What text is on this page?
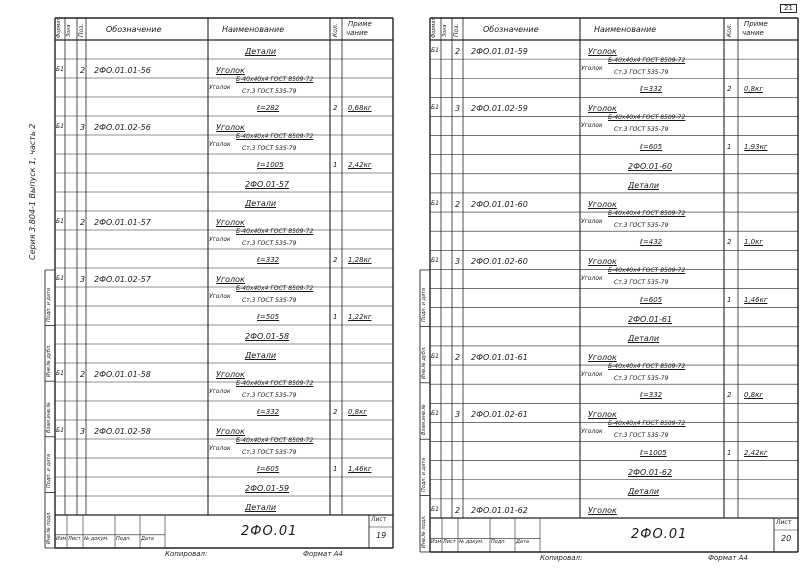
Подп. и дата
Инв.№ дубл.
Взам.инв.№
Подп. и дата
Инв.№ подл.
Формат Зона Поз.	Обозначение	Наименование	Кол. Приме
чание
Детали
Б1 2 2ФО.01.01-56	Уголок
Уголок
Б-40х40х4 ГОСТ 8509-72
Ст.3 ГОСТ 535-79
ℓ=282	2 0,68кг
Б1 3 2ФО.01.02-56	Уголок
Уголок
Б-40х40х4 ГОСТ 8509-72
Ст.3 ГОСТ 535-79
ℓ=1005	1 2,42кг
2ФО.01-57
Детали
Б1 2 2ФО.01.01-57	Уголок
Уголок
Б-40х40х4 ГОСТ 8509-72
Ст.3 ГОСТ 535-79
ℓ=332	2 1,28кг
Б1 3 2ФО.01.02-57	Уголок
Уголок
Б-40х40х4 ГОСТ 8509-72
Ст.3 ГОСТ 535-79
ℓ=505	1 1,22кг
2ФО.01-58
Детали
Б1 2 2ФО.01.01-58	Уголок
Уголок
Б-40х40х4 ГОСТ 8509-72
Ст.3 ГОСТ 535-79
ℓ=332	2 0,8кг
Б1 3 2ФО.01.02-58	Уголок
Уголок
Б-40х40х4 ГОСТ 8509-72
Ст.3 ГОСТ 535-79
ℓ=605	1 1,46кг
2ФО.01-59
Детали
2ФО.01
Лист
19
Изм Лист № докум. Подп. Дата
Копировал:	Формат А4
Серия 3.804-1 Выпуск 1, часть 2
Подп. и дата
Инв.№ дубл.
Взам.инв.№
Подп. и дата
Инв.№ подл.
Формат Зона Поз.	Обозначение	Наименование	Кол. Приме
чание
21
Б1 2 2ФО.01.01-59	Уголок
Уголок
Б-40х40х4 ГОСТ 8509-72
Ст.3 ГОСТ 535-79
ℓ=332	2 0,8кг
Б1 3 2ФО.01.02-59	Уголок
Уголок
Б-40х40х4 ГОСТ 8509-72
Ст.3 ГОСТ 535-79
ℓ=605	1 1,93кг
2ФО.01-60
Детали
Б1 2 2ФО.01.01-60	Уголок
Уголок
Б-40х40х4 ГОСТ 8509-72
Ст.3 ГОСТ 535-79
ℓ=432	2 1,0кг
Б1 3 2ФО.01.02-60	Уголок
Уголок
Б-40х40х4 ГОСТ 8509-72
Ст.3 ГОСТ 535-79
ℓ=605	1 1,46кг
2ФО.01-61
Детали
Б1 2 2ФО.01.01-61	Уголок
Уголок
Б-40х40х4 ГОСТ 8509-72
Ст.3 ГОСТ 535-79
ℓ=332	2 0,8кг
Б1 3 2ФО.01.02-61	Уголок
Уголок
Б-40х40х4 ГОСТ 8509-72
Ст.3 ГОСТ 535-79
ℓ=1005	1 2,42кг
2ФО.01-62
Детали
Б1 2 2ФО.01.01-62	Уголок
2ФО.01
Лист
20
Изм Лист № докум. Подп. Дата
Копировал:	Формат А4
